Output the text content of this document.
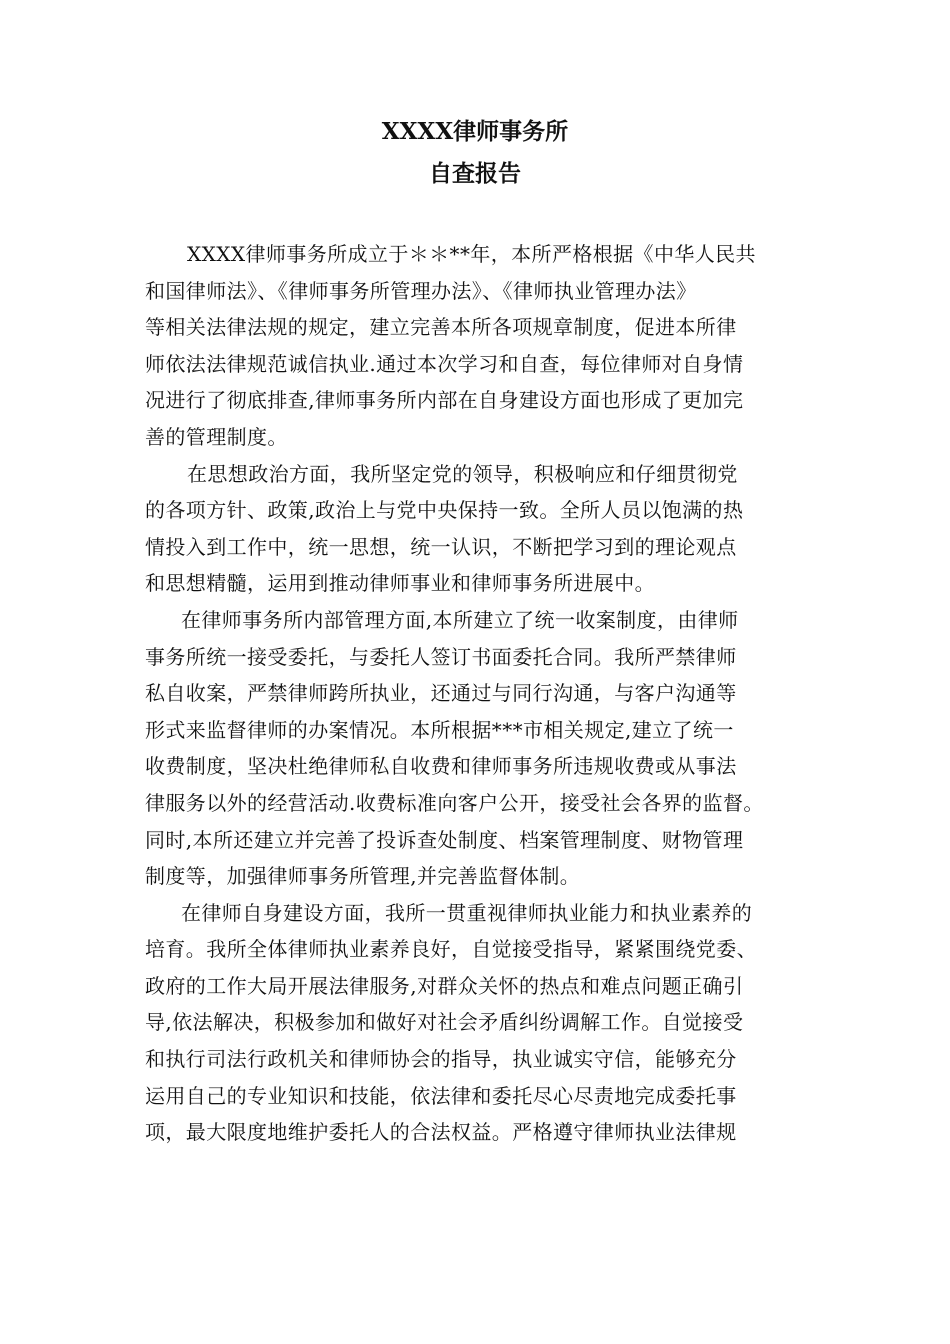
XXXX律师事务所
自查报告
XXXX律师事务所成立于＊＊**年，本所严格根据《中华人民共
和国律师法》、《律师事务所管理办法》、《律师执业管理办法》
等相关法律法规的规定，建立完善本所各项规章制度，促进本所律
师依法法律规范诚信执业.通过本次学习和自查，每位律师对自身情
况进行了彻底排查,律师事务所内部在自身建设方面也形成了更加完
善的管理制度。
在思想政治方面，我所坚定党的领导，积极响应和仔细贯彻党
的各项方针、政策,政治上与党中央保持一致。全所人员以饱满的热
情投入到工作中，统一思想，统一认识，不断把学习到的理论观点
和思想精髓，运用到推动律师事业和律师事务所进展中。
在律师事务所内部管理方面,本所建立了统一收案制度，由律师
事务所统一接受委托，与委托人签订书面委托合同。我所严禁律师
私自收案，严禁律师跨所执业，还通过与同行沟通，与客户沟通等
形式来监督律师的办案情况。本所根据***市相关规定,建立了统一
收费制度，坚决杜绝律师私自收费和律师事务所违规收费或从事法
律服务以外的经营活动.收费标准向客户公开，接受社会各界的监督。
同时,本所还建立并完善了投诉查处制度、档案管理制度、财物管理
制度等，加强律师事务所管理,并完善监督体制。
在律师自身建设方面，我所一贯重视律师执业能力和执业素养的
培育。我所全体律师执业素养良好，自觉接受指导，紧紧围绕党委、
政府的工作大局开展法律服务,对群众关怀的热点和难点问题正确引
导,依法解决，积极参加和做好对社会矛盾纠纷调解工作。自觉接受
和执行司法行政机关和律师协会的指导，执业诚实守信，能够充分
运用自己的专业知识和技能，依法律和委托尽心尽责地完成委托事
项，最大限度地维护委托人的合法权益。严格遵守律师执业法律规
